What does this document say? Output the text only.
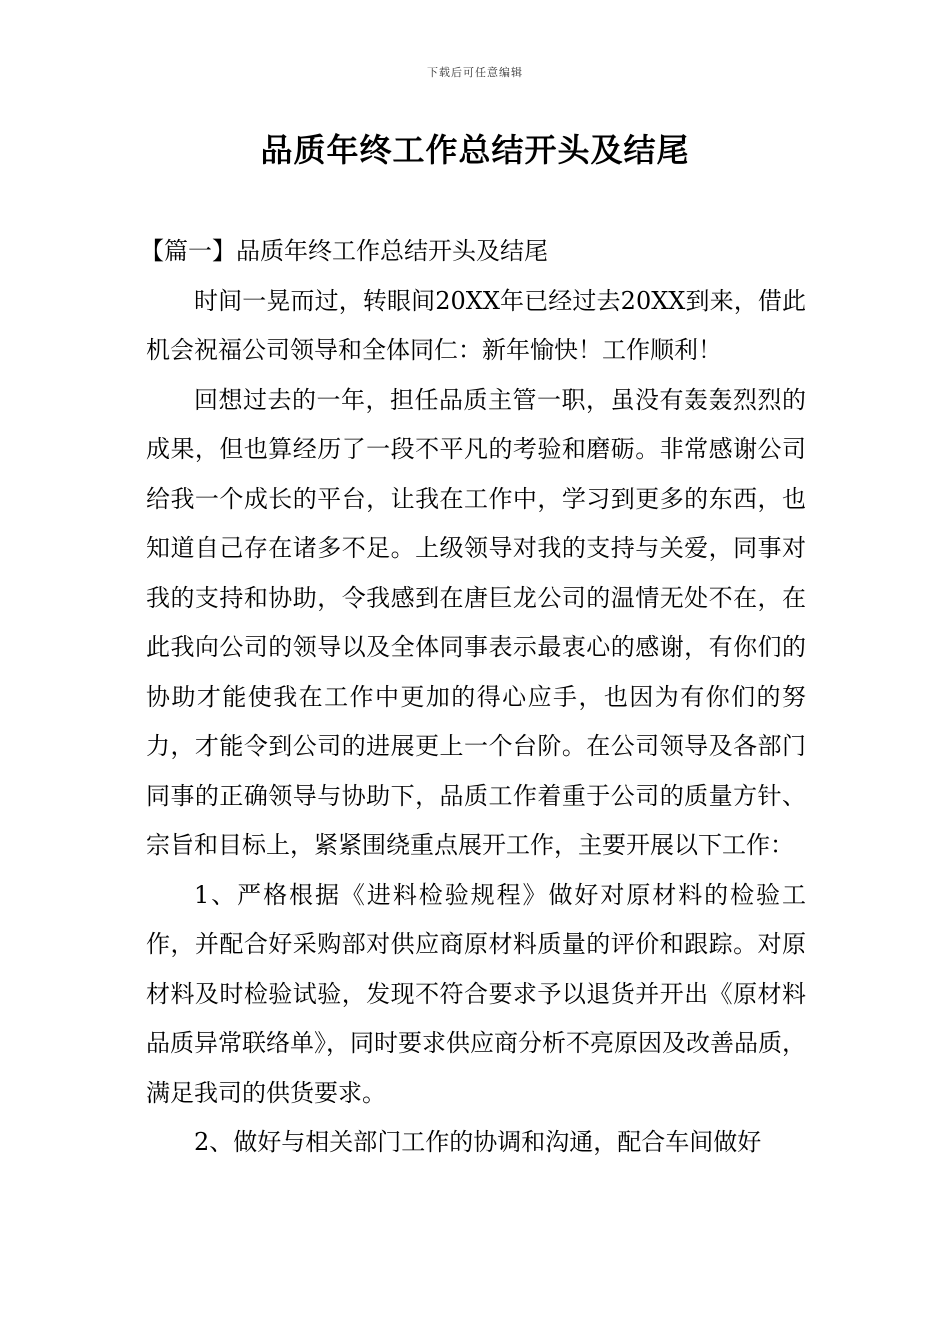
下载后可任意编辑
品质年终工作总结开头及结尾

【篇一】品质年终工作总结开头及结尾

时间一晃而过，转眼间20XX年已经过去20XX到来，借此机会祝福公司领导和全体同仁：新年愉快！工作顺利！

回想过去的一年，担任品质主管一职，虽没有轰轰烈烈的成果，但也算经历了一段不平凡的考验和磨砺。非常感谢公司给我一个成长的平台，让我在工作中，学习到更多的东西，也知道自己存在诸多不足。上级领导对我的支持与关爱，同事对我的支持和协助，令我感到在唐巨龙公司的温情无处不在，在此我向公司的领导以及全体同事表示最衷心的感谢，有你们的协助才能使我在工作中更加的得心应手，也因为有你们的努力，才能令到公司的进展更上一个台阶。在公司领导及各部门同事的正确领导与协助下，品质工作着重于公司的质量方针、宗旨和目标上，紧紧围绕重点展开工作，主要开展以下工作：

1、严格根据《进料检验规程》做好对原材料的检验工作，并配合好采购部对供应商原材料质量的评价和跟踪。对原材料及时检验试验，发现不符合要求予以退货并开出《原材料品质异常联络单》，同时要求供应商分析不亮原因及改善品质，满足我司的供货要求。

2、做好与相关部门工作的协调和沟通，配合车间做好
